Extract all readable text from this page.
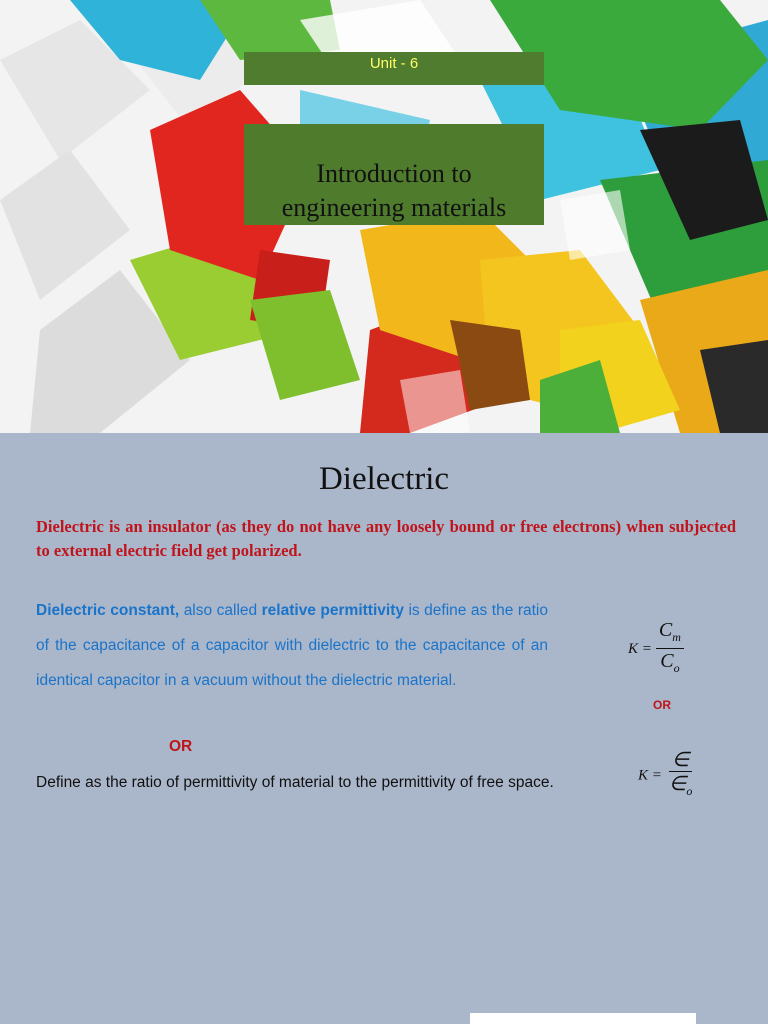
Unit - 6
Introduction to
engineering materials
Dielectric
Dielectric is an insulator (as they do not have any loosely bound or free electrons) when subjected to external electric field get polarized.
Dielectric constant, also called relative permittivity is define as the ratio of the capacitance of a capacitor with dielectric to the capacitance of an identical capacitor in a vacuum without the dielectric material.
OR
Define as the ratio of permittivity of material to the permittivity of free space.
$K = \frac{C_m}{C_o}$
OR
$K = \frac{\in}{\in_o}$
